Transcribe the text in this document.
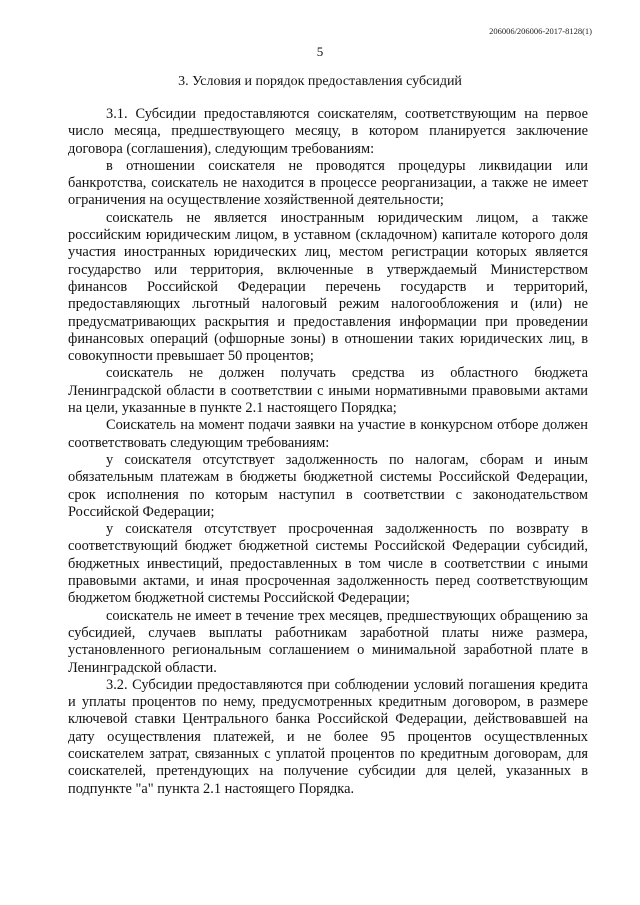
206006/206006-2017-8128(1)
5
3. Условия и порядок предоставления субсидий

3.1. Субсидии предоставляются соискателям, соответствующим на первое число месяца, предшествующего месяцу, в котором планируется заключение договора (соглашения), следующим требованиям:

в отношении соискателя не проводятся процедуры ликвидации или банкротства, соискатель не находится в процессе реорганизации, а также не имеет ограничения на осуществление хозяйственной деятельности;

соискатель не является иностранным юридическим лицом, а также российским юридическим лицом, в уставном (складочном) капитале которого доля участия иностранных юридических лиц, местом регистрации которых является государство или территория, включенные в утверждаемый Министерством финансов Российской Федерации перечень государств и территорий, предоставляющих льготный налоговый режим налогообложения и (или) не предусматривающих раскрытия и предоставления информации при проведении финансовых операций (офшорные зоны) в отношении таких юридических лиц, в совокупности превышает 50 процентов;

соискатель не должен получать средства из областного бюджета Ленинградской области в соответствии с иными нормативными правовыми актами на цели, указанные в пункте 2.1 настоящего Порядка;

Соискатель на момент подачи заявки на участие в конкурсном отборе должен соответствовать следующим требованиям:

у соискателя отсутствует задолженность по налогам, сборам и иным обязательным платежам в бюджеты бюджетной системы Российской Федерации, срок исполнения по которым наступил в соответствии с законодательством Российской Федерации;

у соискателя отсутствует просроченная задолженность по возврату в соответствующий бюджет бюджетной системы Российской Федерации субсидий, бюджетных инвестиций, предоставленных в том числе в соответствии с иными правовыми актами, и иная просроченная задолженность перед соответствующим бюджетом бюджетной системы Российской Федерации;

соискатель не имеет в течение трех месяцев, предшествующих обращению за субсидией, случаев выплаты работникам заработной платы ниже размера, установленного региональным соглашением о минимальной заработной плате в Ленинградской области.

3.2. Субсидии предоставляются при соблюдении условий погашения кредита и уплаты процентов по нему, предусмотренных кредитным договором, в размере ключевой ставки Центрального банка Российской Федерации, действовавшей на дату осуществления платежей, и не более 95 процентов осуществленных соискателем затрат, связанных с уплатой процентов по кредитным договорам, для соискателей, претендующих на получение субсидии для целей, указанных в подпункте "а" пункта 2.1 настоящего Порядка.
